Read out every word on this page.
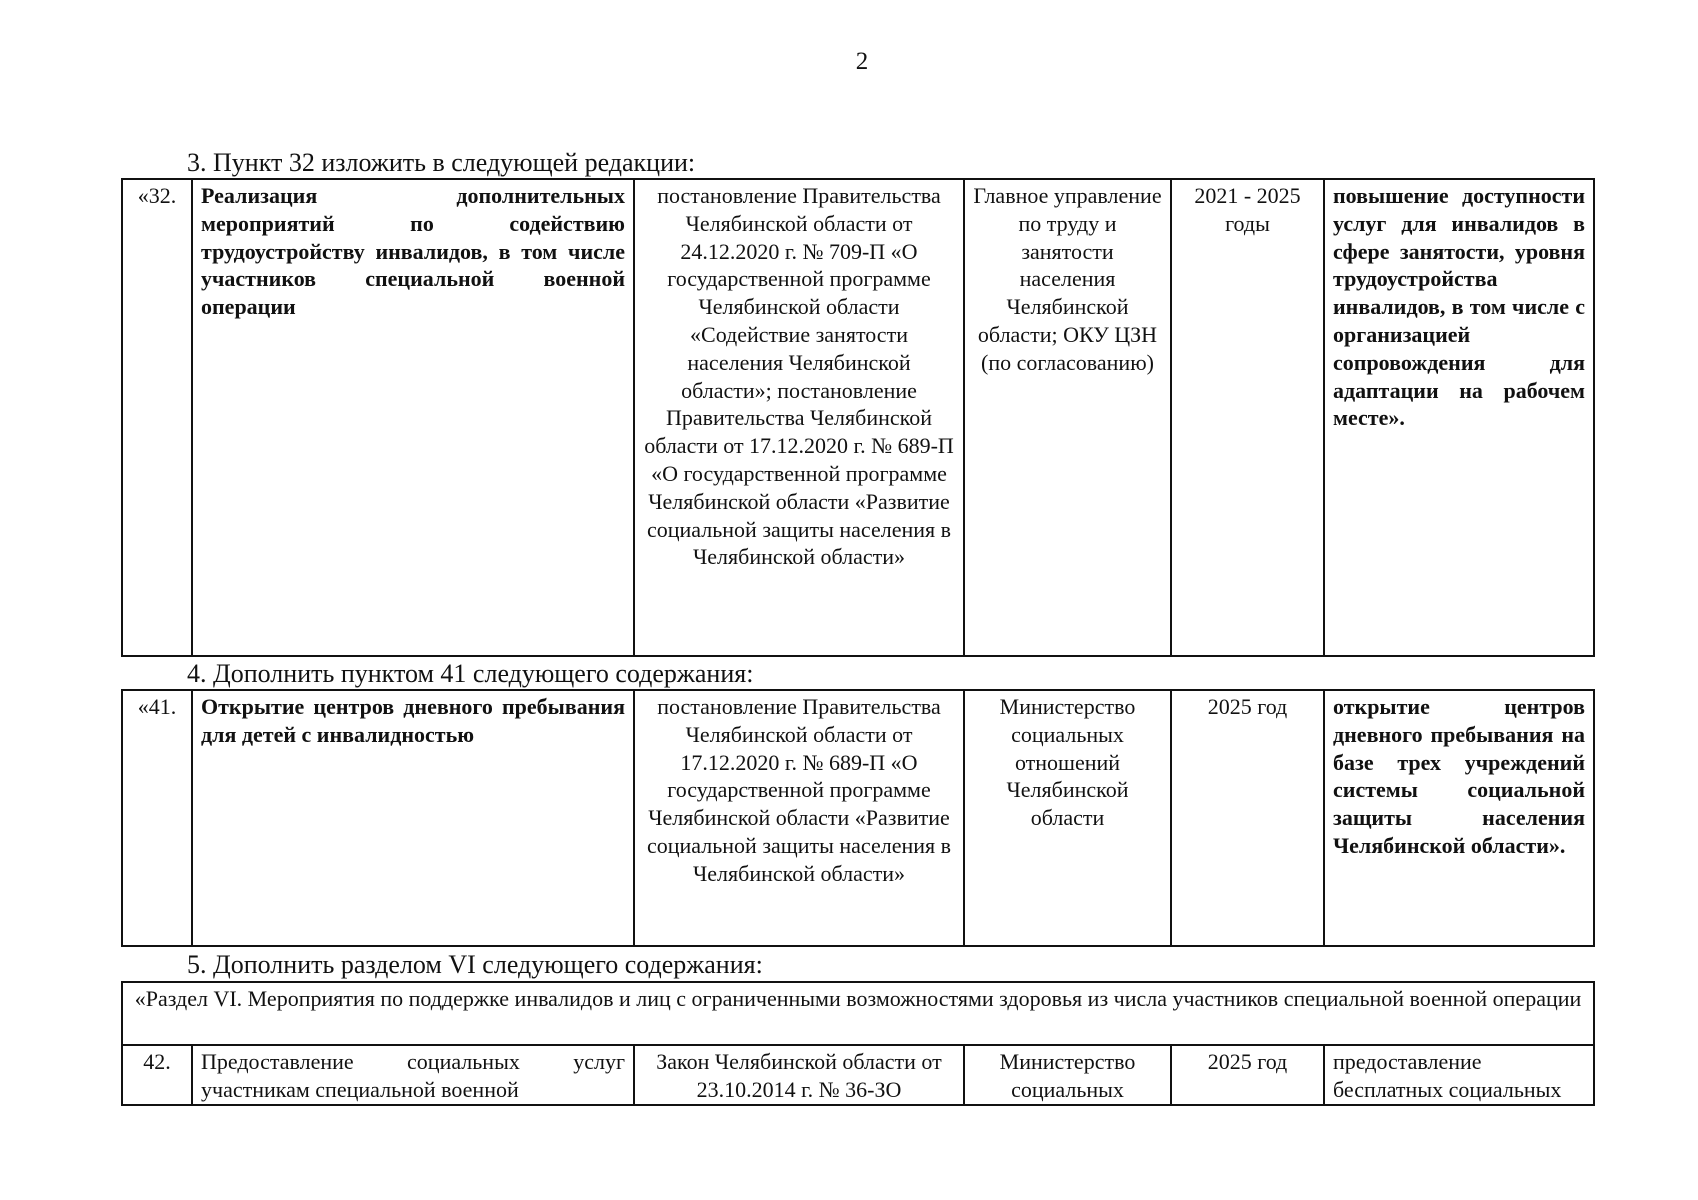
2
3. Пункт 32 изложить в следующей редакции:
«32.	Реализация дополнительных мероприятий по содействию трудоустройству инвалидов, в том числе участников специальной военной операции	постановление Правительства Челябинской области от 24.12.2020 г. № 709-П «О государственной программе Челябинской области «Содействие занятости населения Челябинской области»; постановление Правительства Челябинской области от 17.12.2020 г. № 689-П «О государственной программе Челябинской области «Развитие социальной защиты населения в Челябинской области»	Главное управление по труду и занятости населения Челябинской области; ОКУ ЦЗН (по согласованию)	2021 - 2025 годы	повышение доступности услуг для инвалидов в сфере занятости, уровня трудоустройства инвалидов, в том числе с организацией сопровождения для адаптации на рабочем месте».
4. Дополнить пунктом 41 следующего содержания:
«41.	Открытие центров дневного пребывания для детей с инвалидностью	постановление Правительства Челябинской области от 17.12.2020 г. № 689-П «О государственной программе Челябинской области «Развитие социальной защиты населения в Челябинской области»	Министерство социальных отношений Челябинской области	2025 год	открытие центров дневного пребывания на базе трех учреждений системы социальной защиты населения Челябинской области».
5. Дополнить разделом VI следующего содержания:
«Раздел VI. Мероприятия по поддержке инвалидов и лиц с ограниченными возможностями здоровья из числа участников специальной военной операции
42.	Предоставление социальных услуг участникам специальной военной	Закон Челябинской области от 23.10.2014 г. № 36-ЗО	Министерство социальных	2025 год	предоставление бесплатных социальных
